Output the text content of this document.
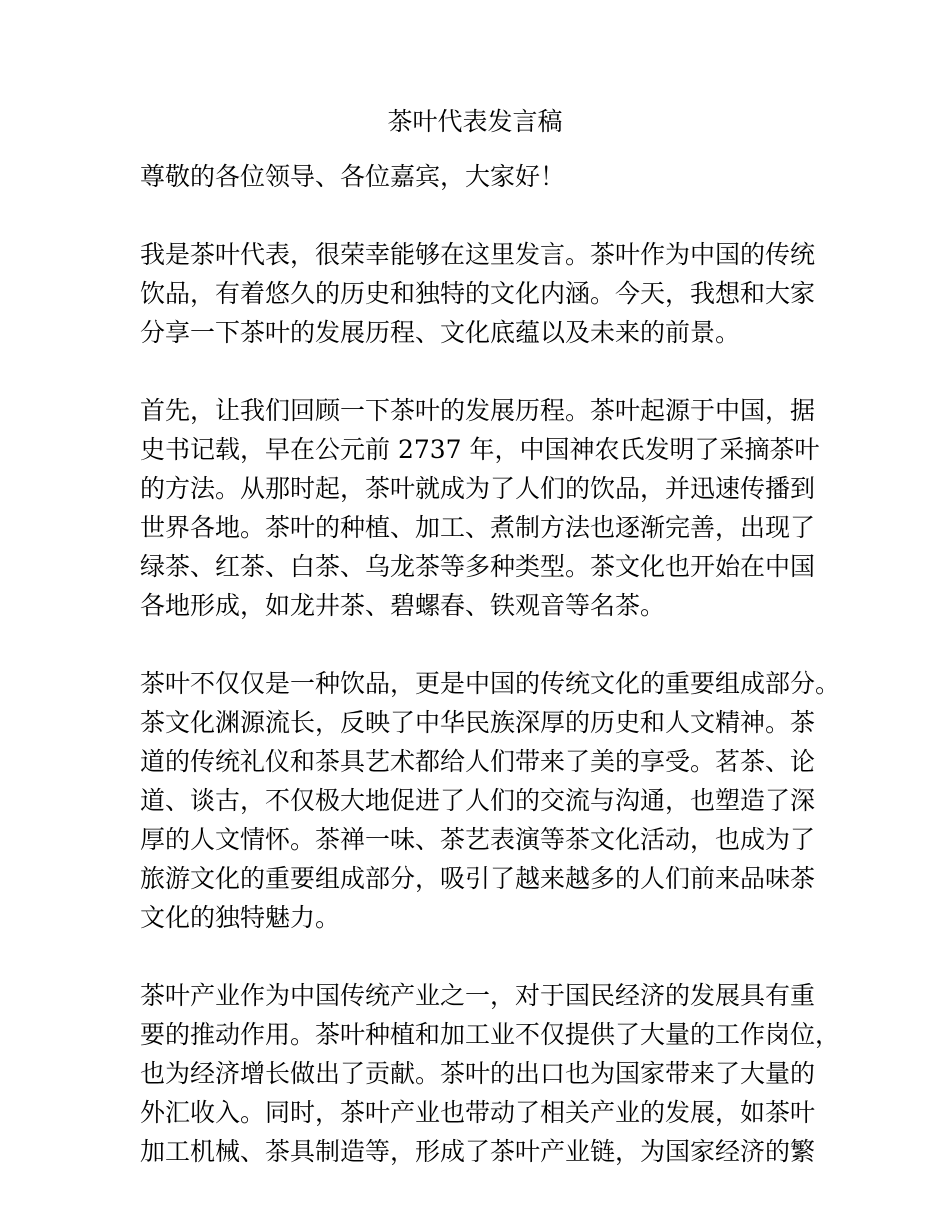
茶叶代表发言稿

尊敬的各位领导、各位嘉宾，大家好！

我是茶叶代表，很荣幸能够在这里发言。茶叶作为中国的传统
饮品，有着悠久的历史和独特的文化内涵。今天，我想和大家
分享一下茶叶的发展历程、文化底蕴以及未来的前景。

首先，让我们回顾一下茶叶的发展历程。茶叶起源于中国，据
史书记载，早在公元前 2737 年，中国神农氏发明了采摘茶叶
的方法。从那时起，茶叶就成为了人们的饮品，并迅速传播到
世界各地。茶叶的种植、加工、煮制方法也逐渐完善，出现了
绿茶、红茶、白茶、乌龙茶等多种类型。茶文化也开始在中国
各地形成，如龙井茶、碧螺春、铁观音等名茶。

茶叶不仅仅是一种饮品，更是中国的传统文化的重要组成部分。
茶文化渊源流长，反映了中华民族深厚的历史和人文精神。茶
道的传统礼仪和茶具艺术都给人们带来了美的享受。茗茶、论
道、谈古，不仅极大地促进了人们的交流与沟通，也塑造了深
厚的人文情怀。茶禅一味、茶艺表演等茶文化活动，也成为了
旅游文化的重要组成部分，吸引了越来越多的人们前来品味茶
文化的独特魅力。

茶叶产业作为中国传统产业之一，对于国民经济的发展具有重
要的推动作用。茶叶种植和加工业不仅提供了大量的工作岗位，
也为经济增长做出了贡献。茶叶的出口也为国家带来了大量的
外汇收入。同时，茶叶产业也带动了相关产业的发展，如茶叶
加工机械、茶具制造等，形成了茶叶产业链，为国家经济的繁
